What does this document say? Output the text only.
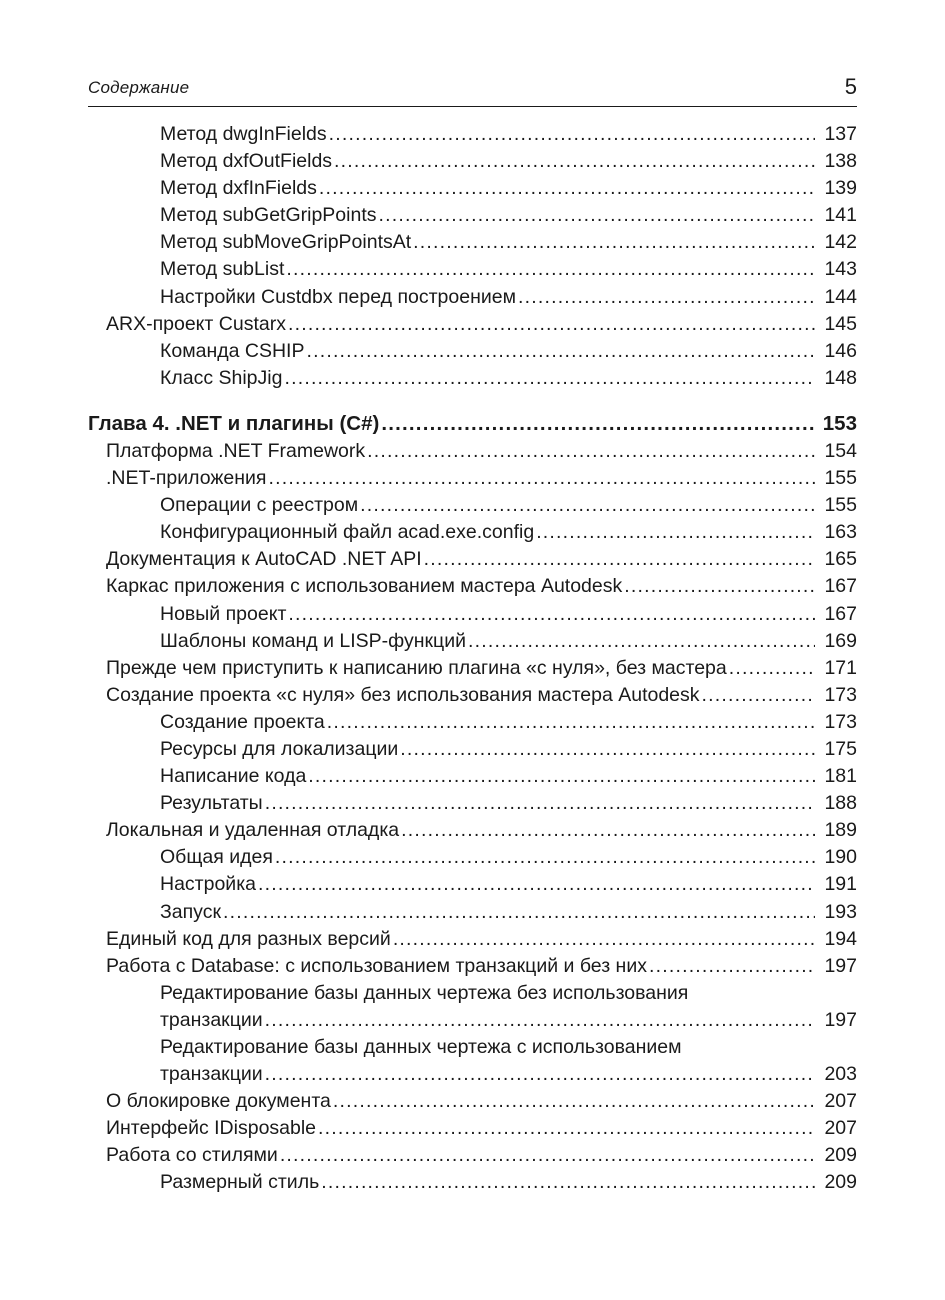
Содержание	5
Метод dwgInFields .....	137
Метод dxfOutFields .....	138
Метод dxfInFields .....	139
Метод subGetGripPoints .....	141
Метод subMoveGripPointsAt .....	142
Метод subList .....	143
Настройки Custdbx перед построением .....	144
ARX-проект Custarx .....	145
Команда CSHIP .....	146
Класс ShipJig .....	148
Глава 4. .NET и плагины (C#) .....	153
Платформа .NET Framework .....	154
.NET-приложения .....	155
Операции с реестром .....	155
Конфигурационный файл acad.exe.config .....	163
Документация к AutoCAD .NET API .....	165
Каркас приложения с использованием мастера Autodesk .....	167
Новый проект .....	167
Шаблоны команд и LISP-функций .....	169
Прежде чем приступить к написанию плагина «с нуля», без мастера .....	171
Создание проекта «с нуля» без использования мастера Autodesk .....	173
Создание проекта .....	173
Ресурсы для локализации .....	175
Написание кода .....	181
Результаты .....	188
Локальная и удаленная отладка .....	189
Общая идея .....	190
Настройка .....	191
Запуск .....	193
Единый код для разных версий .....	194
Работа с Database: с использованием транзакций и без них .....	197
Редактирование базы данных чертежа без использования
транзакции .....	197
Редактирование базы данных чертежа с использованием
транзакции .....	203
О блокировке документа .....	207
Интерфейс IDisposable .....	207
Работа со стилями .....	209
Размерный стиль .....	209
